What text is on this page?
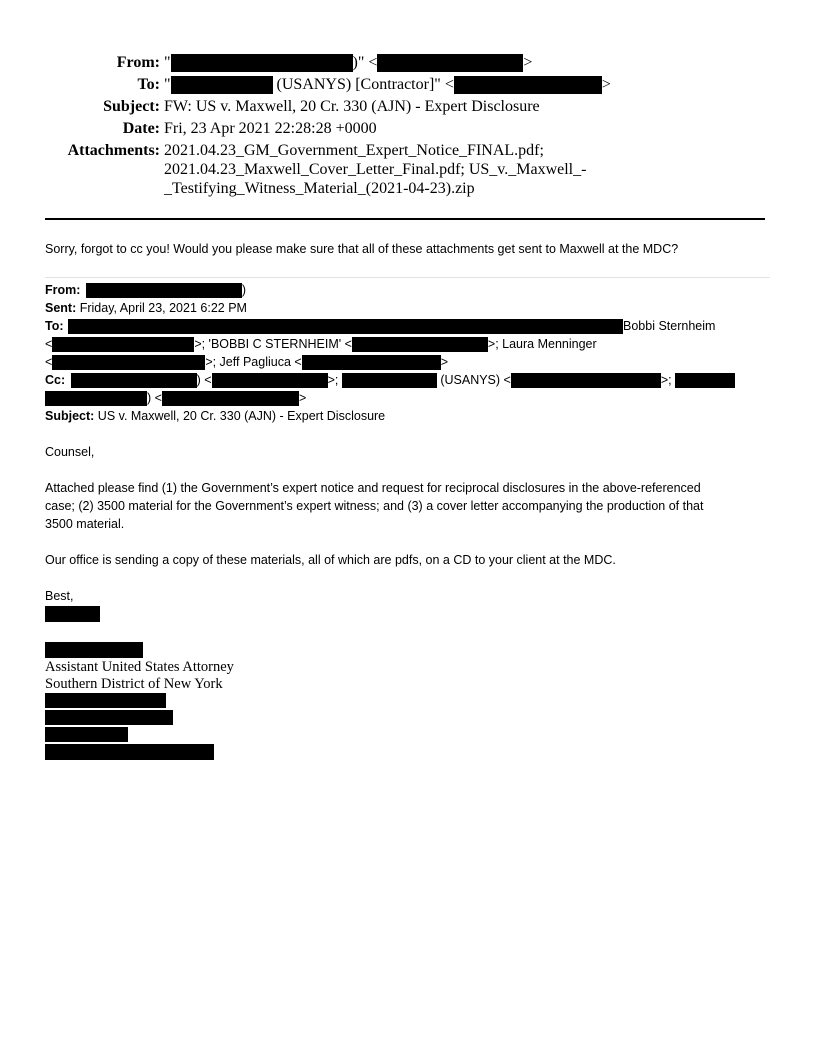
From: "	)" <	>
To: "	(USANYS) [Contractor]" <	>
Subject: FW: US v. Maxwell, 20 Cr. 330 (AJN) - Expert Disclosure
Date: Fri, 23 Apr 2021 22:28:28 +0000
Attachments: 2021.04.23_GM_Government_Expert_Notice_FINAL.pdf;
2021.04.23_Maxwell_Cover_Letter_Final.pdf; US_v._Maxwell_-
_Testifying_Witness_Material_(2021-04-23).zip
Sorry, forgot to cc you! Would you please make sure that all of these attachments get sent to Maxwell at the MDC?
From:	)
Sent: Friday, April 23, 2021 6:22 PM
To:	Bobbi Sternheim
<	>; 'BOBBI C STERNHEIM' <	>; Laura Menninger
<	>; Jeff Pagliuca <	>
Cc:	) <	>;	(USANYS) <	>;
) <	>
Subject: US v. Maxwell, 20 Cr. 330 (AJN) - Expert Disclosure
Counsel,
Attached please find (1) the Government’s expert notice and request for reciprocal disclosures in the above-referenced
case; (2) 3500 material for the Government’s expert witness; and (3) a cover letter accompanying the production of that
3500 material.
Our office is sending a copy of these materials, all of which are pdfs, on a CD to your client at the MDC.
Best,
Assistant United States Attorney
Southern District of New York
